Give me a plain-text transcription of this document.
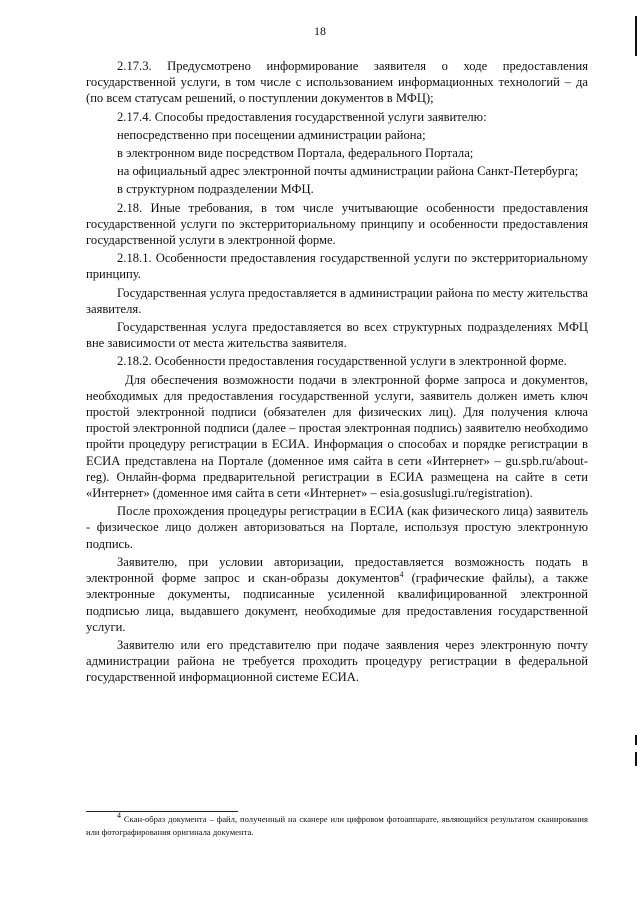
18

2.17.3. Предусмотрено информирование заявителя о ходе предоставления государственной услуги, в том числе с использованием информационных технологий – да (по всем статусам решений, о поступлении документов в МФЦ);

2.17.4. Способы предоставления государственной услуги заявителю:

непосредственно при посещении администрации района;

в электронном виде посредством Портала, федерального Портала;

на официальный адрес электронной почты администрации района Санкт-Петербурга;

в структурном подразделении МФЦ.

2.18. Иные требования, в том числе учитывающие особенности предоставления государственной услуги по экстерриториальному принципу и особенности предоставления государственной услуги в электронной форме.

2.18.1. Особенности предоставления государственной услуги по экстерриториальному принципу.

Государственная услуга предоставляется в администрации района по месту жительства заявителя.

Государственная услуга предоставляется во всех структурных подразделениях МФЦ вне зависимости от места жительства заявителя.

2.18.2. Особенности предоставления государственной услуги в электронной форме.

Для обеспечения возможности подачи в электронной форме запроса и документов, необходимых для предоставления государственной услуги, заявитель должен иметь ключ простой электронной подписи (обязателен для физических лиц). Для получения ключа простой электронной подписи (далее – простая электронная подпись) заявителю необходимо пройти процедуру регистрации в ЕСИА. Информация о способах и порядке регистрации в ЕСИА представлена на Портале (доменное имя сайта в сети «Интернет» – gu.spb.ru/about-reg). Онлайн-форма предварительной регистрации в ЕСИА размещена на сайте в сети «Интернет» (доменное имя сайта в сети «Интернет» – esia.gosuslugi.ru/registration).

После прохождения процедуры регистрации в ЕСИА (как физического лица) заявитель - физическое лицо должен авторизоваться на Портале, используя простую электронную подпись.

Заявителю, при условии авторизации, предоставляется возможность подать в электронной форме запрос и скан-образы документов$^4$ (графические файлы), а также электронные документы, подписанные усиленной квалифицированной электронной подписью лица, выдавшего документ, необходимые для предоставления государственной услуги.

Заявителю или его представителю при подаче заявления через электронную почту администрации района не требуется проходить процедуру регистрации в федеральной государственной информационной системе ЕСИА.

$^4$ Скан-образ документа – файл, полученный на сканере или цифровом фотоаппарате, являющийся результатом сканирования или фотографирования оригинала документа.
